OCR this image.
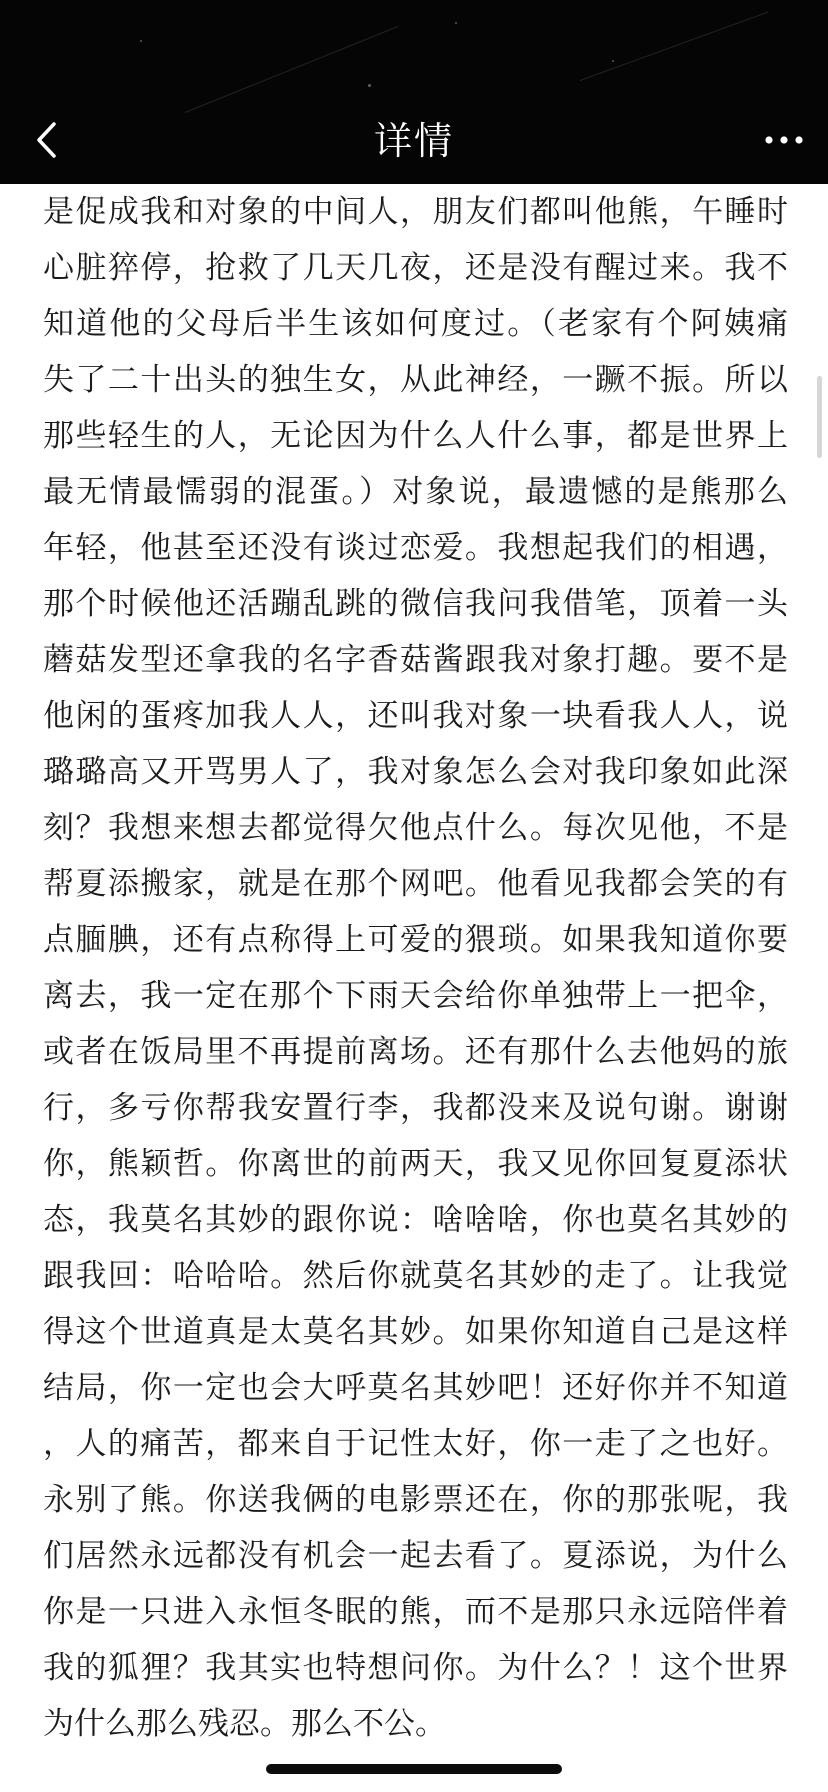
详情
是促成我和对象的中间人，朋友们都叫他熊，午睡时
心脏猝停，抢救了几天几夜，还是没有醒过来。我不
知道他的父母后半生该如何度过。（老家有个阿姨痛
失了二十出头的独生女，从此神经，一蹶不振。所以
那些轻生的人，无论因为什么人什么事，都是世界上
最无情最懦弱的混蛋。）对象说，最遗憾的是熊那么
年轻，他甚至还没有谈过恋爱。我想起我们的相遇，
那个时候他还活蹦乱跳的微信我问我借笔，顶着一头
蘑菇发型还拿我的名字香菇酱跟我对象打趣。要不是
他闲的蛋疼加我人人，还叫我对象一块看我人人，说
璐璐高又开骂男人了，我对象怎么会对我印象如此深
刻？我想来想去都觉得欠他点什么。每次见他，不是
帮夏添搬家，就是在那个网吧。他看见我都会笑的有
点腼腆，还有点称得上可爱的猥琐。如果我知道你要
离去，我一定在那个下雨天会给你单独带上一把伞，
或者在饭局里不再提前离场。还有那什么去他妈的旅
行，多亏你帮我安置行李，我都没来及说句谢。谢谢
你，熊颖哲。你离世的前两天，我又见你回复夏添状
态，我莫名其妙的跟你说：啥啥啥，你也莫名其妙的
跟我回：哈哈哈。然后你就莫名其妙的走了。让我觉
得这个世道真是太莫名其妙。如果你知道自己是这样
结局，你一定也会大呼莫名其妙吧！还好你并不知道
，人的痛苦，都来自于记性太好，你一走了之也好。
永别了熊。你送我俩的电影票还在，你的那张呢，我
们居然永远都没有机会一起去看了。夏添说，为什么
你是一只进入永恒冬眠的熊，而不是那只永远陪伴着
我的狐狸？我其实也特想问你。为什么？！这个世界
为什么那么残忍。那么不公。
